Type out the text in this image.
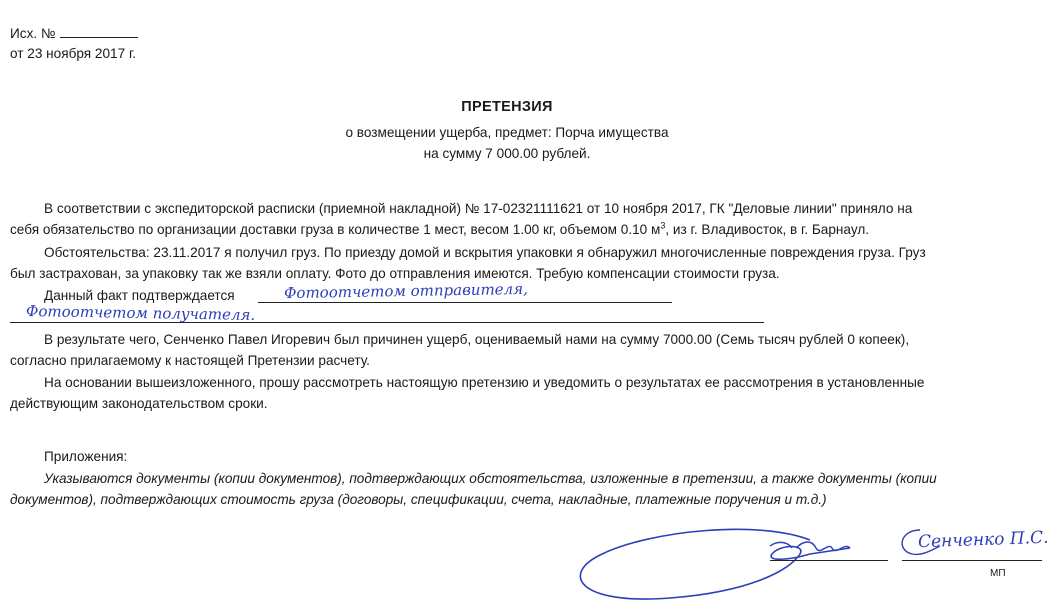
Исх. №
от 23 ноября 2017 г.
ПРЕТЕНЗИЯ
о возмещении ущерба, предмет: Порча имущества
на сумму 7 000.00 рублей.
В соответствии с экспедиторской расписки (приемной накладной) № 17-02321111621 от 10 ноября 2017, ГК "Деловые линии" приняло на
себя обязательство по организации доставки груза в количестве 1 мест, весом 1.00 кг, объемом 0.10 $м^3$, из г. Владивосток, в г. Барнаул.
Обстоятельства: 23.11.2017 я получил груз. По приезду домой и вскрытия упаковки я обнаружил многочисленные повреждения груза. Груз
был застрахован, за упаковку так же взяли оплату. Фото до отправления имеются. Требую компенсации стоимости груза.
Данный факт подтверждается	Фотоотчетом отправителя,
Фотоотчетом получателя.
В результате чего, Сенченко Павел Игоревич был причинен ущерб, оцениваемый нами на сумму 7000.00 (Семь тысяч рублей 0 копеек),
согласно прилагаемому к настоящей Претензии расчету.
На основании вышеизложенного, прошу рассмотреть настоящую претензию и уведомить о результатах ее рассмотрения в установленные
действующим законодательством сроки.
Приложения:
Указываются документы (копии документов), подтверждающих обстоятельства, изложенные в претензии, а также документы (копии
документов), подтверждающих стоимость груза (договоры, спецификации, счета, накладные, платежные поручения и т.д.)
Сенченко П.С.
МП
